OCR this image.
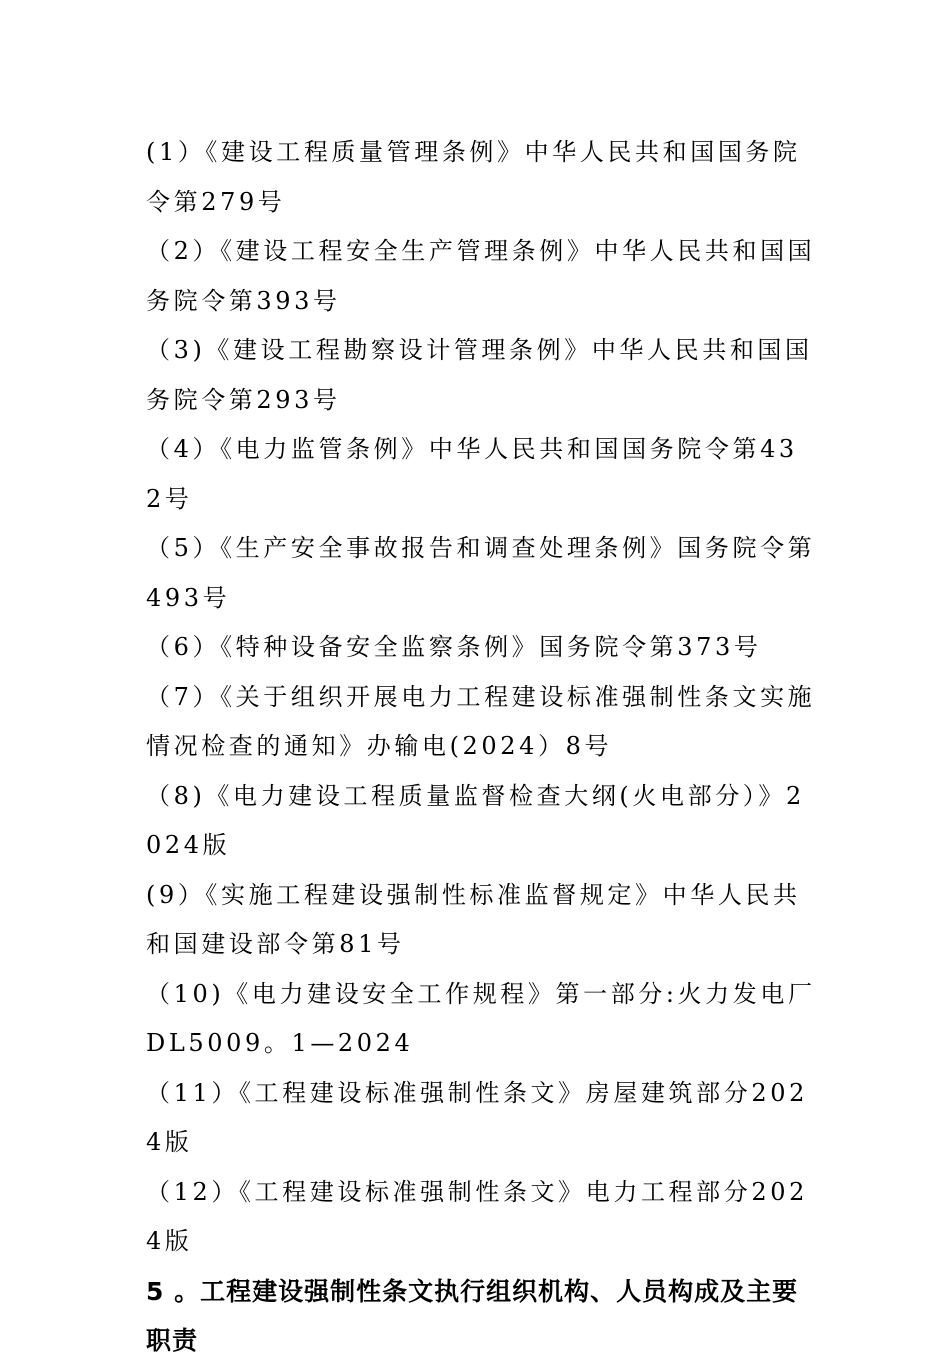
(1）《建设工程质量管理条例》中华人民共和国国务院令第279号

（2）《建设工程安全生产管理条例》中华人民共和国国务院令第393号

（3)《建设工程勘察设计管理条例》中华人民共和国国务院令第293号

（4）《电力监管条例》中华人民共和国国务院令第432号

（5）《生产安全事故报告和调查处理条例》国务院令第493号

（6）《特种设备安全监察条例》国务院令第373号

（7）《关于组织开展电力工程建设标准强制性条文实施情况检查的通知》办输电(2024）8号

（8)《电力建设工程质量监督检查大纲(火电部分）》2024版

(9）《实施工程建设强制性标准监督规定》中华人民共和国建设部令第81号

（10)《电力建设安全工作规程》第一部分:火力发电厂DL5009。1—2024

（11）《工程建设标准强制性条文》房屋建筑部分2024版

（12）《工程建设标准强制性条文》电力工程部分2024版

5 。工程建设强制性条文执行组织机构、人员构成及主要职责
